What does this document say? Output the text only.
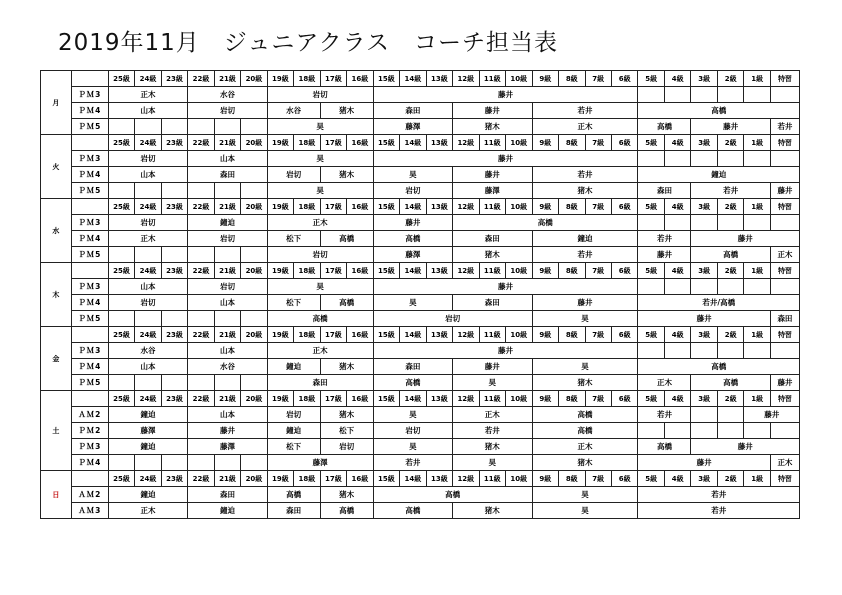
2019年11月　ジュニアクラス　コーチ担当表
月		25級	24級	23級	22級	21級	20級	19級	18級	17級	16級	15級	14級	13級	12級	11級	10級	9級	8級	7級	6級	5級	4級	3級	2級	1級	特習
	ＰＭ3	正木			水谷			岩切				藤井															
	ＰＭ4	山本			岩切			水谷		猪木		森田			藤井			若井				高橋					
	ＰＭ5							昊				藤澤			猪木			正木				高橋		藤井			若井
火		25級	24級	23級	22級	21級	20級	19級	18級	17級	16級	15級	14級	13級	12級	11級	10級	9級	8級	7級	6級	5級	4級	3級	2級	1級	特習
	ＰＭ3	岩切			山本			昊				藤井															
	ＰＭ4	山本			森田			岩切		猪木		昊			藤井			若井				鐘迫					
	ＰＭ5							昊				岩切			藤澤			猪木				森田		若井			藤井
水		25級	24級	23級	22級	21級	20級	19級	18級	17級	16級	15級	14級	13級	12級	11級	10級	9級	8級	7級	6級	5級	4級	3級	2級	1級	特習
	ＰＭ3	岩切			鐘迫			正木				藤井			高橋												
	ＰＭ4	正木			岩切			松下		高橋		高橋			森田			鐘迫				若井		藤井			
	ＰＭ5							岩切				藤澤			猪木			若井				藤井		高橋			正木
木		25級	24級	23級	22級	21級	20級	19級	18級	17級	16級	15級	14級	13級	12級	11級	10級	9級	8級	7級	6級	5級	4級	3級	2級	1級	特習
	ＰＭ3	山本			岩切			昊				藤井															
	ＰＭ4	岩切			山本			松下		高橋		昊			森田			藤井				若井/高橋					
	ＰＭ5							高橋				岩切						昊				藤井					森田
金		25級	24級	23級	22級	21級	20級	19級	18級	17級	16級	15級	14級	13級	12級	11級	10級	9級	8級	7級	6級	5級	4級	3級	2級	1級	特習
	ＰＭ3	水谷			山本			正木				藤井															
	ＰＭ4	山本			水谷			鐘迫		猪木		森田			藤井			昊				高橋					
	ＰＭ5							森田				高橋			昊			猪木				正木		高橋			藤井
土		25級	24級	23級	22級	21級	20級	19級	18級	17級	16級	15級	14級	13級	12級	11級	10級	9級	8級	7級	6級	5級	4級	3級	2級	1級	特習
	ＡＭ2	鐘迫			山本			岩切		猪木		昊			正木			高橋				若井				藤井	
	ＰＭ2	藤澤			藤井			鐘迫		松下		岩切			若井			高橋									
	ＰＭ3	鐘迫			藤澤			松下		岩切		昊			猪木			正木				高橋		藤井			
	ＰＭ4							藤澤				若井			昊			猪木				藤井					正木
日		25級	24級	23級	22級	21級	20級	19級	18級	17級	16級	15級	14級	13級	12級	11級	10級	9級	8級	7級	6級	5級	4級	3級	2級	1級	特習
	ＡＭ2	鐘迫			森田			高橋		猪木		高橋						昊				若井					
	ＡＭ3	正木			鐘迫			森田		高橋		高橋			猪木			昊				若井					
